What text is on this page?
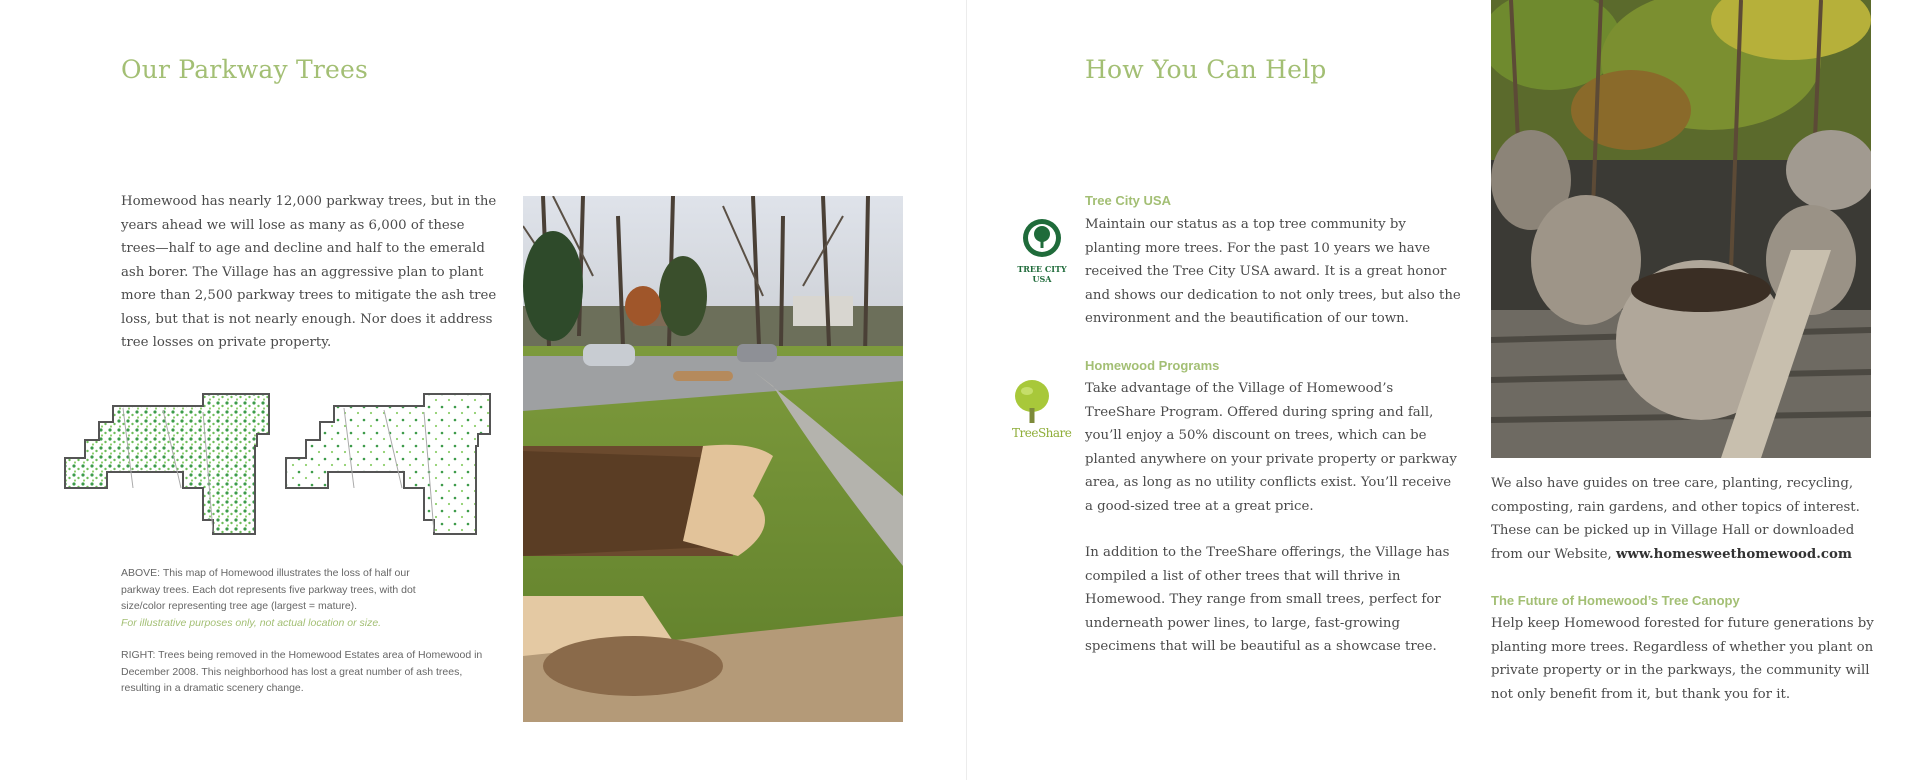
Our Parkway Trees

Homewood has nearly 12,000 parkway trees, but in the years ahead we will lose as many as 6,000 of these trees—half to age and decline and half to the emerald ash borer. The Village has an aggressive plan to plant more than 2,500 parkway trees to mitigate the ash tree loss, but that is not nearly enough. Nor does it address tree losses on private property.

ABOVE: This map of Homewood illustrates the loss of half our parkway trees. Each dot represents five parkway trees, with dot size/color representing tree age (largest = mature).
For illustrative purposes only, not actual location or size.

RIGHT: Trees being removed in the Homewood Estates area of Homewood in December 2008. This neighborhood has lost a great number of ash trees, resulting in a dramatic scenery change.

How You Can Help
TREE CITY USA
Tree City USA

Maintain our status as a top tree community by planting more trees. For the past 10 years we have received the Tree City USA award. It is a great honor and shows our dedication to not only trees, but also the environment and the beautification of our town.

TreeShare
Homewood Programs

Take advantage of the Village of Homewood’s TreeShare Program. Offered during spring and fall, you’ll enjoy a 50% discount on trees, which can be planted anywhere on your private property or parkway area, as long as no utility conflicts exist. You’ll receive a good-sized tree at a great price.

In addition to the TreeShare offerings, the Village has compiled a list of other trees that will thrive in Homewood. They range from small trees, perfect for underneath power lines, to large, fast-growing specimens that will be beautiful as a showcase tree.

We also have guides on tree care, planting, recycling, composting, rain gardens, and other topics of interest. These can be picked up in Village Hall or downloaded from our Website, www.homesweethomewood.com

The Future of Homewood’s Tree Canopy

Help keep Homewood forested for future generations by planting more trees. Regardless of whether you plant on private property or in the parkways, the community will not only benefit from it, but thank you for it.
